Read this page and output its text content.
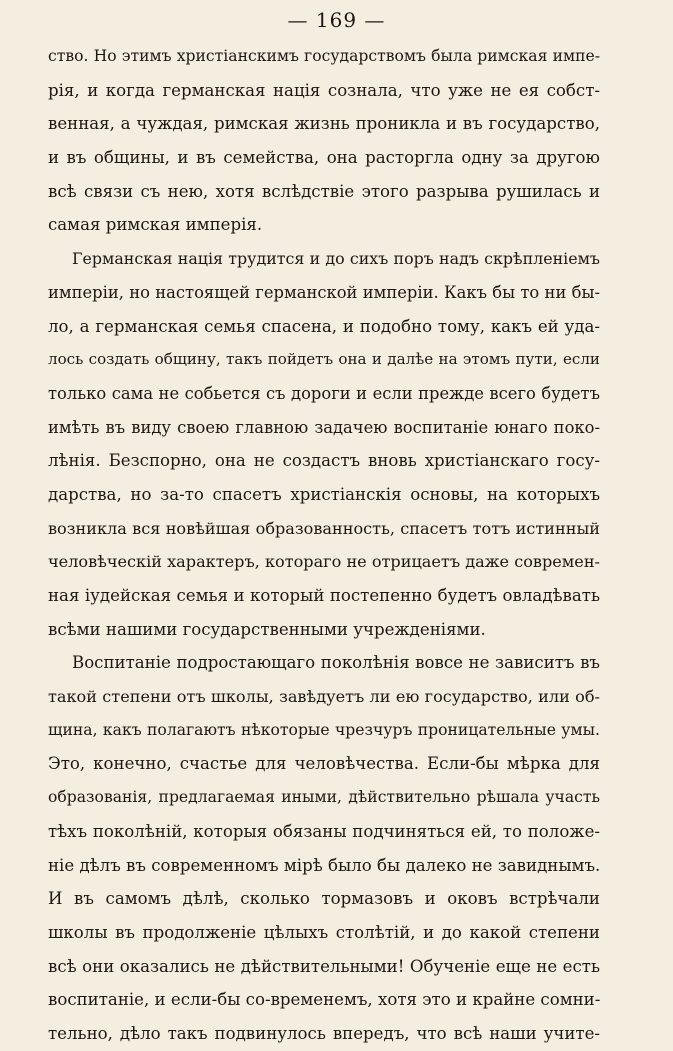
— 169 —
ство. Но этимъ христіанскимъ государствомъ была римская импе-
рія, и когда германская нація сознала, что уже не ея собст-
венная, а чуждая, римская жизнь проникла и въ государство,
и въ общины, и въ семейства, она расторгла одну за другою
всѣ связи съ нею, хотя вслѣдствіе этого разрыва рушилась и
самая римская имперія.
Германская нація трудится и до сихъ поръ надъ скрѣпленіемъ
имперіи, но настоящей германской имперіи. Какъ бы то ни бы-
ло, а германская семья спасена, и подобно тому, какъ ей уда-
лось создать общину, такъ пойдетъ она и далѣе на этомъ пути, если
только сама не собьется съ дороги и если прежде всего будетъ
имѣть въ виду своею главною задачею воспитаніе юнаго поко-
лѣнія. Безспорно, она не создастъ вновь христіанскаго госу-
дарства, но за-то спасетъ христіанскія основы, на которыхъ
возникла вся новѣйшая образованность, спасетъ тотъ истинный
человѣческій характеръ, котораго не отрицаетъ даже современ-
ная іудейская семья и который постепенно будетъ овладѣвать
всѣми нашими государственными учрежденіями.
Воспитаніе подростающаго поколѣнія вовсе не зависитъ въ
такой степени отъ школы, завѣдуетъ ли ею государство, или об-
щина, какъ полагаютъ нѣкоторые чрезчуръ проницательные умы.
Это, конечно, счастье для человѣчества. Если-бы мѣрка для
образованія, предлагаемая иными, дѣйствительно рѣшала участь
тѣхъ поколѣній, которыя обязаны подчиняться ей, то положе-
ніе дѣлъ въ современномъ мірѣ было бы далеко не завиднымъ.
И въ самомъ дѣлѣ, сколько тормазовъ и оковъ встрѣчали
школы въ продолженіе цѣлыхъ столѣтій, и до какой степени
всѣ они оказались не дѣйствительными! Обученіе еще не есть
воспитаніе, и если-бы со-временемъ, хотя это и крайне сомни-
тельно, дѣло такъ подвинулось впередъ, что всѣ наши учите-
